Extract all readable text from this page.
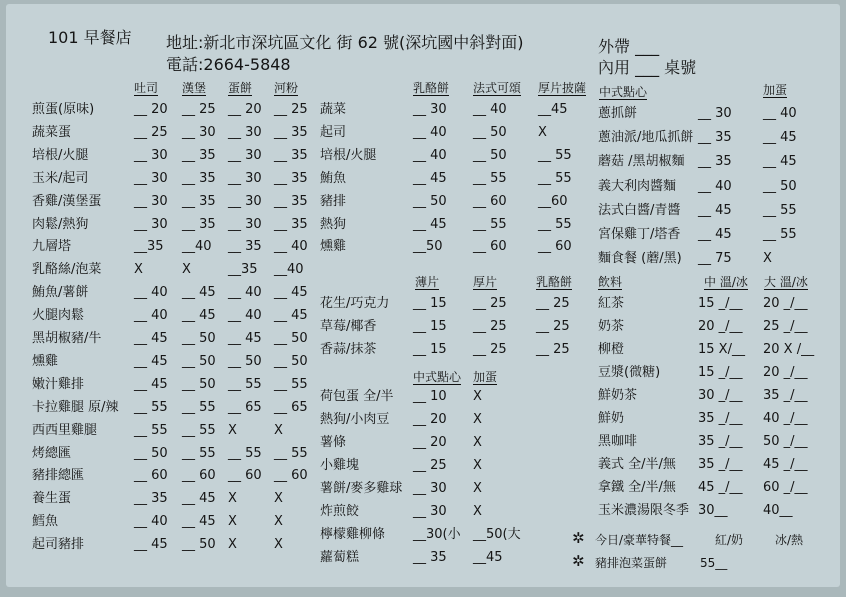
101 早餐店 地址:新北市深坑區文化 街 62 號(深坑國中斜對面)
電話:2664-5848
外帶 ___
內用 ___ 桌號
吐司 漢堡 蛋餅 河粉	乳酪餅 法式可頌 厚片披薩 中式點心	加蛋
煎蛋(原味)	__ 20 __ 25 __ 20 __ 25
蔬菜蛋	__ 25 __ 30 __ 30 __ 35
培根/火腿	__ 30 __ 35 __ 30 __ 35
玉米/起司	__ 30 __ 35 __ 30 __ 35
香雞/漢堡蛋	__ 30 __ 35 __ 30 __ 35
肉鬆/熱狗	__ 30 __ 35 __ 30 __ 35
九層塔	__35 __40 __ 35 __ 40
乳酪絲/泡菜	X	X	__35 __40
鮪魚/薯餅	__ 40 __ 45 __ 40 __ 45
火腿肉鬆	__ 40 __ 45 __ 40 __ 45
黑胡椒豬/牛	__ 45 __ 50 __ 45 __ 50
燻雞	__ 45 __ 50 __ 50 __ 50
嫩汁雞排	__ 45 __ 50 __ 55 __ 55
卡拉雞腿 原/辣 __ 55 __ 55 __ 65 __ 65
西西里雞腿	__ 55 __ 55 X	X
烤總匯	__ 50 __ 55 __ 55 __ 55
豬排總匯	__ 60 __ 60 __ 60 __ 60
養生蛋	__ 35 __ 45 X	X
鱈魚	__ 40 __ 45 X	X
起司豬排	__ 45 __ 50 X	X
蔬菜	__ 30 __ 40 __45
起司	__ 40 __ 50 X
培根/火腿	__ 40 __ 50 __ 55
鮪魚	__ 45 __ 55 __ 55
豬排	__ 50 __ 60 __60
熱狗	__ 45 __ 55 __ 55
燻雞	__50 __ 60 __ 60
薄片	厚片	乳酪餅
花生/巧克力 __ 15 __ 25 __ 25
草莓/椰香	__ 15 __ 25 __ 25
香蒜/抹茶	__ 15 __ 25 __ 25
中式點心 加蛋
荷包蛋 全/半 __ 10 X
熱狗/小肉豆 __ 20 X
薯條	__ 20 X
小雞塊	__ 25 X
薯餅/麥多雞球 __ 30 X
炸煎餃	__ 30 X
檸檬雞柳條 __30(小 __50(大
蘿蔔糕	__ 35 __45
蔥抓餅	__ 30 __ 40
蔥油派/地瓜抓餅 __ 35 __ 45
蘑菇 /黑胡椒麵 __ 35 __ 45
義大利肉醬麵 __ 40 __ 50
法式白醬/青醬 __ 45 __ 55
宮保雞丁/塔香 __ 45 __ 55
麵食餐 (蘑/黑) __ 75 X
飲料	中 溫/冰 大 溫/冰
紅茶	15 _/__ 20 _/__
奶茶	20 _/__ 25 _/__
柳橙	15 X/__ 20 X /__
豆漿(微糖)	15 _/__ 20 _/__
鮮奶茶	30 _/__ 35 _/__
鮮奶	35 _/__ 40 _/__
黑咖啡	35 _/__ 50 _/__
義式 全/半/無 35 _/__ 45 _/__
拿鐵 全/半/無 45 _/__ 60 _/__
玉米濃湯限冬季 30__	40__
✲ 今日/豪華特餐__	紅/奶	冰/熱
✲ 豬排泡菜蛋餅	55__
